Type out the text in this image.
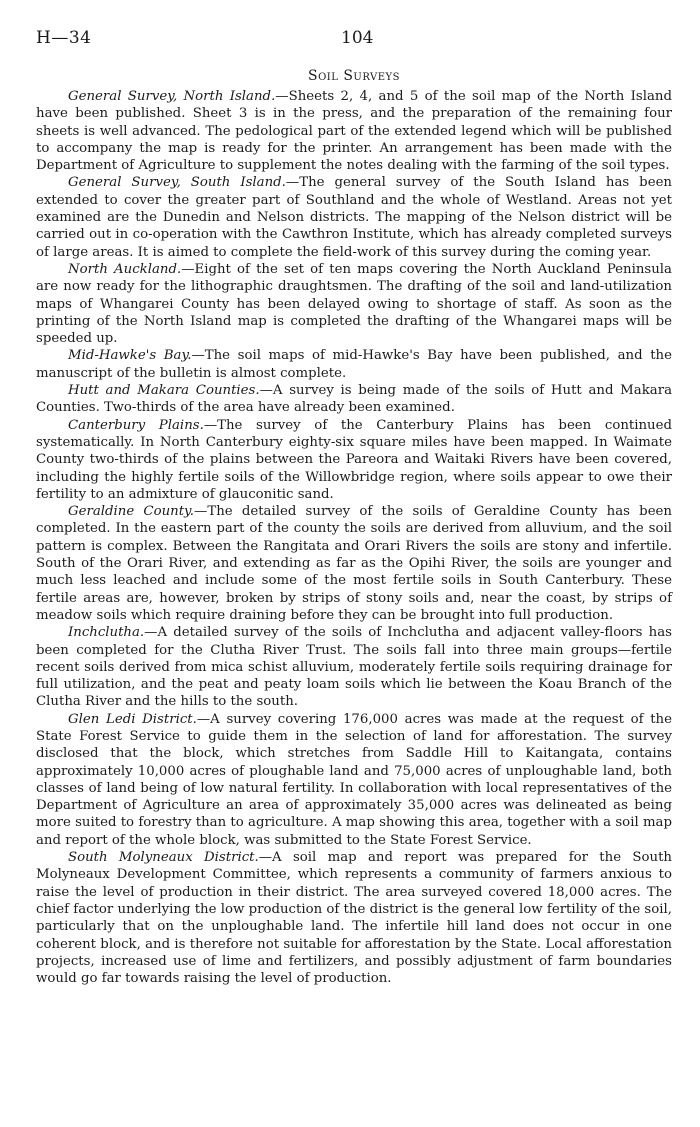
H—34	104
Soil Surveys

General Survey, North Island.—Sheets 2, 4, and 5 of the soil map of the North Island have been published. Sheet 3 is in the press, and the preparation of the remaining four sheets is well advanced. The pedological part of the extended legend which will be published to accompany the map is ready for the printer. An arrangement has been made with the Department of Agriculture to supplement the notes dealing with the farming of the soil types.

General Survey, South Island.—The general survey of the South Island has been extended to cover the greater part of Southland and the whole of Westland. Areas not yet examined are the Dunedin and Nelson districts. The mapping of the Nelson district will be carried out in co-operation with the Cawthron Institute, which has already completed surveys of large areas. It is aimed to complete the field-work of this survey during the coming year.

North Auckland.—Eight of the set of ten maps covering the North Auckland Peninsula are now ready for the lithographic draughtsmen. The drafting of the soil and land-utilization maps of Whangarei County has been delayed owing to shortage of staff. As soon as the printing of the North Island map is completed the drafting of the Whangarei maps will be speeded up.

Mid-Hawke's Bay.—The soil maps of mid-Hawke's Bay have been published, and the manuscript of the bulletin is almost complete.

Hutt and Makara Counties.—A survey is being made of the soils of Hutt and Makara Counties. Two-thirds of the area have already been examined.

Canterbury Plains.—The survey of the Canterbury Plains has been continued systematically. In North Canterbury eighty-six square miles have been mapped. In Waimate County two-thirds of the plains between the Pareora and Waitaki Rivers have been covered, including the highly fertile soils of the Willowbridge region, where soils appear to owe their fertility to an admixture of glauconitic sand.

Geraldine County.—The detailed survey of the soils of Geraldine County has been completed. In the eastern part of the county the soils are derived from alluvium, and the soil pattern is complex. Between the Rangitata and Orari Rivers the soils are stony and infertile. South of the Orari River, and extending as far as the Opihi River, the soils are younger and much less leached and include some of the most fertile soils in South Canterbury. These fertile areas are, however, broken by strips of stony soils and, near the coast, by strips of meadow soils which require draining before they can be brought into full production.

Inchclutha.—A detailed survey of the soils of Inchclutha and adjacent valley-floors has been completed for the Clutha River Trust. The soils fall into three main groups—fertile recent soils derived from mica schist alluvium, moderately fertile soils requiring drainage for full utilization, and the peat and peaty loam soils which lie between the Koau Branch of the Clutha River and the hills to the south.

Glen Ledi District.—A survey covering 176,000 acres was made at the request of the State Forest Service to guide them in the selection of land for afforestation. The survey disclosed that the block, which stretches from Saddle Hill to Kaitangata, contains approximately 10,000 acres of ploughable land and 75,000 acres of unploughable land, both classes of land being of low natural fertility. In collaboration with local representatives of the Department of Agriculture an area of approximately 35,000 acres was delineated as being more suited to forestry than to agriculture. A map showing this area, together with a soil map and report of the whole block, was submitted to the State Forest Service.

South Molyneaux District.—A soil map and report was prepared for the South Molyneaux Development Committee, which represents a community of farmers anxious to raise the level of production in their district. The area surveyed covered 18,000 acres. The chief factor underlying the low production of the district is the general low fertility of the soil, particularly that on the unploughable land. The infertile hill land does not occur in one coherent block, and is therefore not suitable for afforestation by the State. Local afforestation projects, increased use of lime and fertilizers, and possibly adjustment of farm boundaries would go far towards raising the level of production.
